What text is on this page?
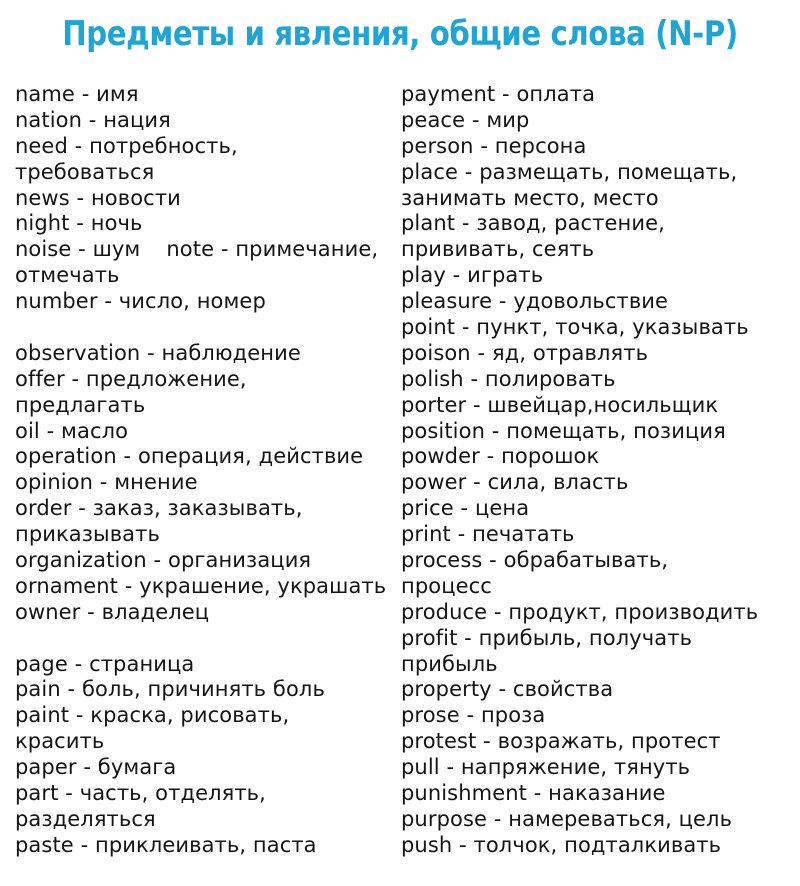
Предметы и явления, общие слова (N-P)
name - имя
nation - нация
need - потребность,
требоваться
news - новости
night - ночь
noise - шум note - примечание,
отмечать
number - число, номер
observation - наблюдение
offer - предложение,
предлагать
oil - масло
operation - операция, действие
opinion - мнение
order - заказ, заказывать,
приказывать
organization - организация
ornament - украшение, украшать
owner - владелец
page - страница
pain - боль, причинять боль
paint - краска, рисовать,
красить
paper - бумага
part - часть, отделять,
разделяться
paste - приклеивать, паста
payment - оплата
peace - мир
person - персона
place - размещать, помещать,
занимать место, место
plant - завод, растение,
прививать, сеять
play - играть
pleasure - удовольствие
point - пункт, точка, указывать
poison - яд, отравлять
polish - полировать
porter - швейцар,носильщик
position - помещать, позиция
powder - порошок
power - сила, власть
price - цена
print - печатать
process - обрабатывать,
процесс
produce - продукт, производить
profit - прибыль, получать
прибыль
property - свойства
prose - проза
protest - возражать, протест
pull - напряжение, тянуть
punishment - наказание
purpose - намереваться, цель
push - толчок, подталкивать
